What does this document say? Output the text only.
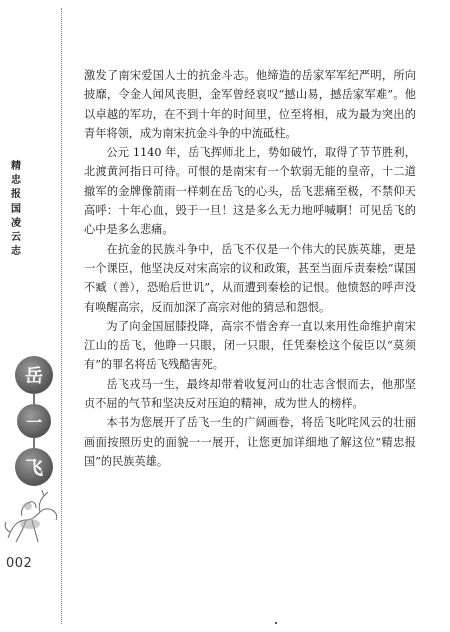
精
忠
报
国
凌
云
志
岳
一
飞
002

激发了南宋爱国人士的抗金斗志。他缔造的岳家军军纪严明，所向披靡，令金人闻风丧胆，金军曾经哀叹“撼山易，撼岳家军难”。他以卓越的军功，在不到十年的时间里，位至将相，成为最为突出的青年将领，成为南宋抗金斗争的中流砥柱。

公元 1140 年，岳飞挥师北上，势如破竹，取得了节节胜利，北渡黄河指日可待。可恨的是南宋有一个软弱无能的皇帝，十二道撤军的金牌像箭雨一样刺在岳飞的心头，岳飞悲痛至极，不禁仰天高呼：十年心血，毁于一旦！这是多么无力地呼喊啊！可见岳飞的心中是多么悲痛。

在抗金的民族斗争中，岳飞不仅是一个伟大的民族英雄，更是一个课臣，他坚决反对宋高宗的议和政策，甚至当面斥责秦桧“谋国不臧（善），恐贻后世讥”，从而遭到秦桧的记恨。他愤怒的呼声没有唤醒高宗，反而加深了高宗对他的猜忌和怨恨。

为了向金国屈膝投降，高宗不惜舍弃一直以来用性命维护南宋江山的岳飞，他睁一只眼，闭一只眼，任凭秦桧这个佞臣以“莫须有”的罪名将岳飞残酷害死。

岳飞戎马一生，最终却带着收复河山的壮志含恨而去，他那坚贞不屈的气节和坚决反对压迫的精神，成为世人的榜样。

本书为您展开了岳飞一生的广阔画卷，将岳飞叱咤风云的壮丽画面按照历史的面貌一一展开，让您更加详细地了解这位“精忠报国”的民族英雄。
